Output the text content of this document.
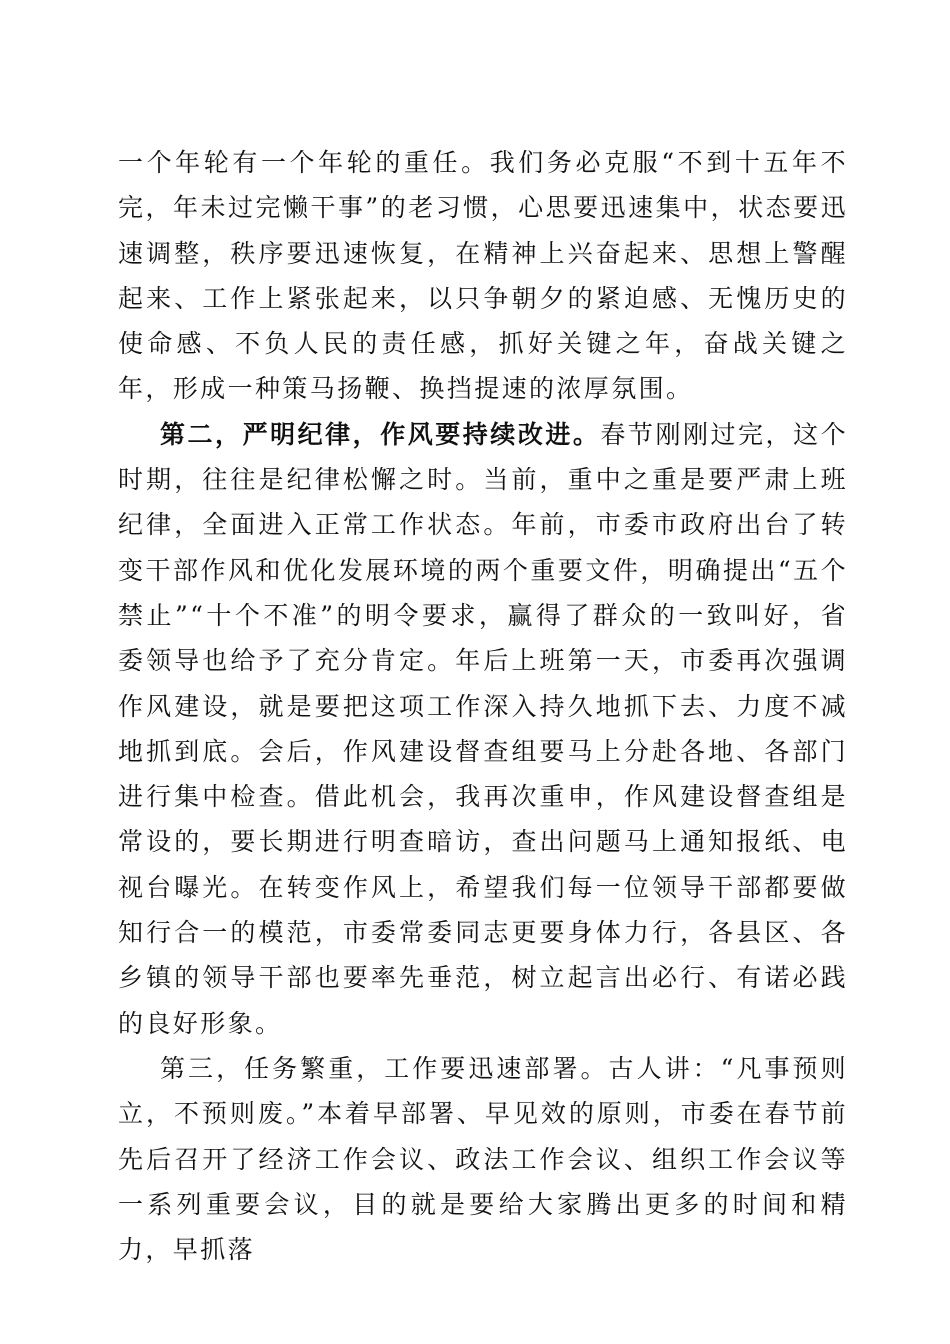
一个年轮有一个年轮的重任。我们务必克服“不到十五年不完，年未过完懒干事”的老习惯，心思要迅速集中，状态要迅速调整，秩序要迅速恢复，在精神上兴奋起来、思想上警醒起来、工作上紧张起来，以只争朝夕的紧迫感、无愧历史的使命感、不负人民的责任感，抓好关键之年，奋战关键之年，形成一种策马扬鞭、换挡提速的浓厚氛围。

第二，严明纪律，作风要持续改进。春节刚刚过完，这个时期，往往是纪律松懈之时。当前，重中之重是要严肃上班纪律，全面进入正常工作状态。年前，市委市政府出台了转变干部作风和优化发展环境的两个重要文件，明确提出“五个禁止”“十个不准”的明令要求，赢得了群众的一致叫好，省委领导也给予了充分肯定。年后上班第一天，市委再次强调作风建设，就是要把这项工作深入持久地抓下去、力度不减地抓到底。会后，作风建设督查组要马上分赴各地、各部门进行集中检查。借此机会，我再次重申，作风建设督查组是常设的，要长期进行明查暗访，查出问题马上通知报纸、电视台曝光。在转变作风上，希望我们每一位领导干部都要做知行合一的模范，市委常委同志更要身体力行，各县区、各乡镇的领导干部也要率先垂范，树立起言出必行、有诺必践的良好形象。

第三，任务繁重，工作要迅速部署。古人讲：“凡事预则立，不预则废。”本着早部署、早见效的原则，市委在春节前先后召开了经济工作会议、政法工作会议、组织工作会议等一系列重要会议，目的就是要给大家腾出更多的时间和精力，早抓落
